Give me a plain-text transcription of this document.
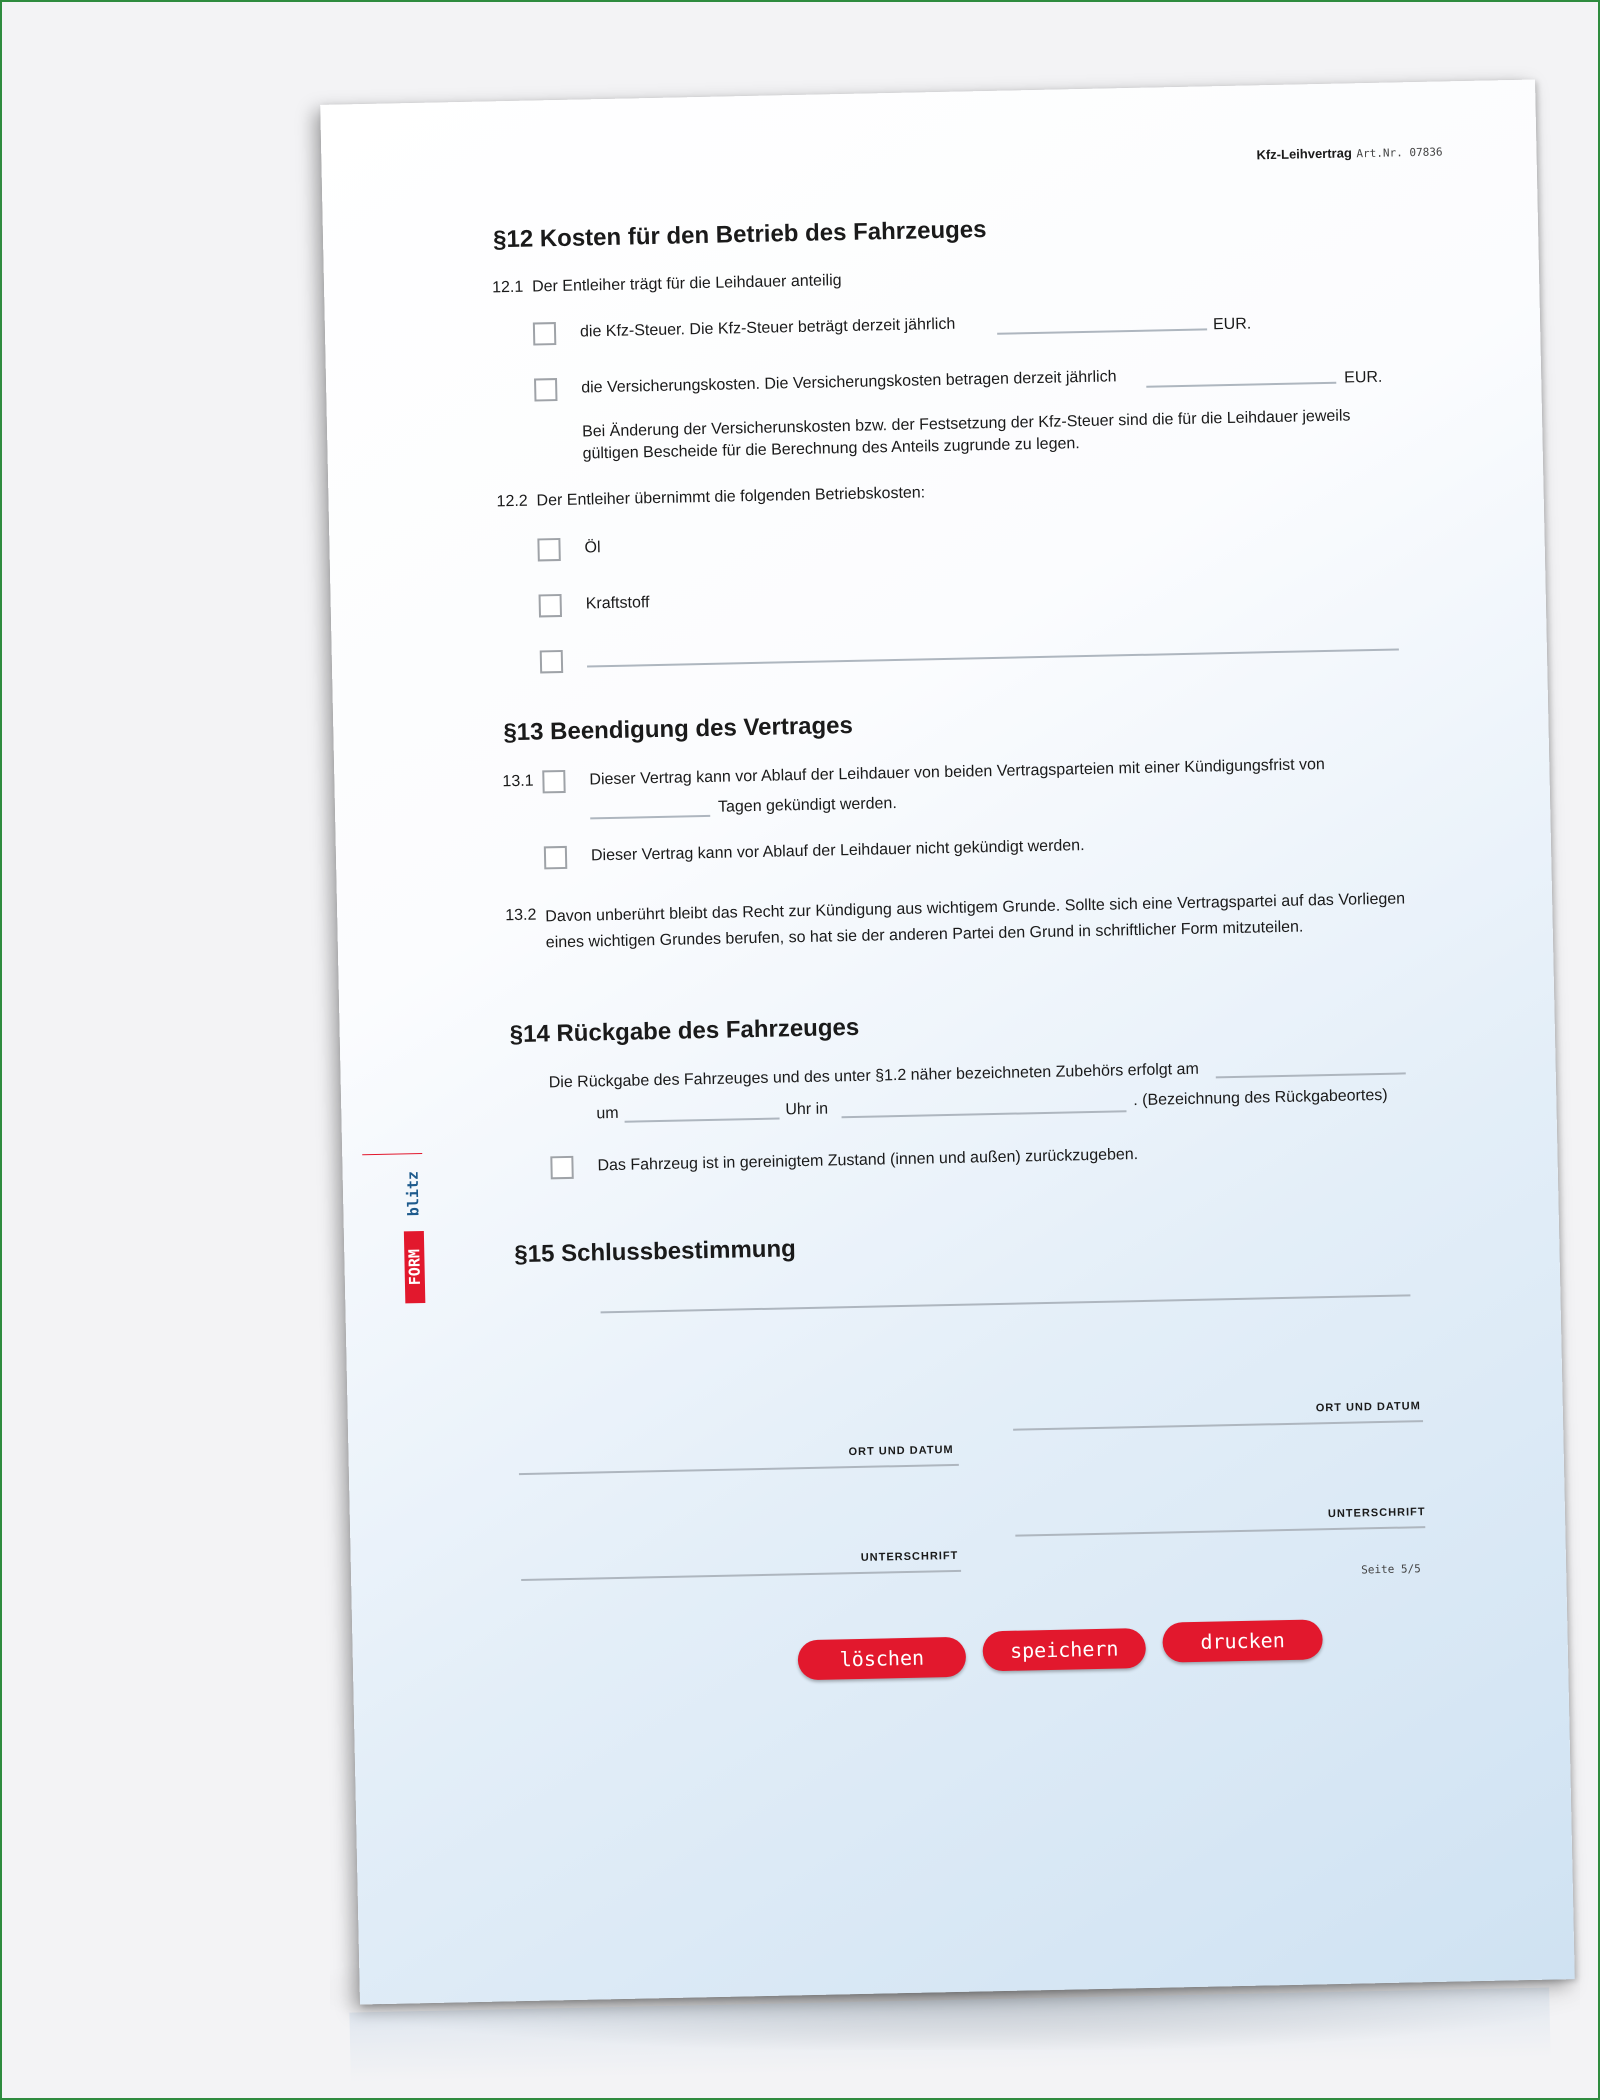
Kfz-Leihvertrag Art.Nr. 07836
blitz
FORM
§12 Kosten für den Betrieb des Fahrzeuges
12.1 Der Entleiher trägt für die Leihdauer anteilig
die Kfz-Steuer. Die Kfz-Steuer beträgt derzeit jährlich	EUR.
die Versicherungskosten. Die Versicherungskosten betragen derzeit jährlich	EUR.
Bei Änderung der Versicherunskosten bzw. der Festsetzung der Kfz-Steuer sind die für die Leihdauer jeweils gültigen Bescheide für die Berechnung des Anteils zugrunde zu legen.
12.2 Der Entleiher übernimmt die folgenden Betriebskosten:
Öl
Kraftstoff
§13 Beendigung des Vertrages
13.1	Dieser Vertrag kann vor Ablauf der Leihdauer von beiden Vertragsparteien mit einer Kündigungsfrist von
Tagen gekündigt werden.
Dieser Vertrag kann vor Ablauf der Leihdauer nicht gekündigt werden.
13.2 Davon unberührt bleibt das Recht zur Kündigung aus wichtigem Grunde. Sollte sich eine Vertragspartei auf das Vorliegen eines wichtigen Grundes berufen, so hat sie der anderen Partei den Grund in schriftlicher Form mitzuteilen.
§14 Rückgabe des Fahrzeuges
Die Rückgabe des Fahrzeuges und des unter §1.2 näher bezeichneten Zubehörs erfolgt am
um	Uhr in
. (Bezeichnung des Rückgabeortes)
Das Fahrzeug ist in gereinigtem Zustand (innen und außen) zurückzugeben.
§15 Schlussbestimmung
ORT UND DATUM
ORT UND DATUM
UNTERSCHRIFT
UNTERSCHRIFT
Seite 5/5
löschen	speichern	drucken
